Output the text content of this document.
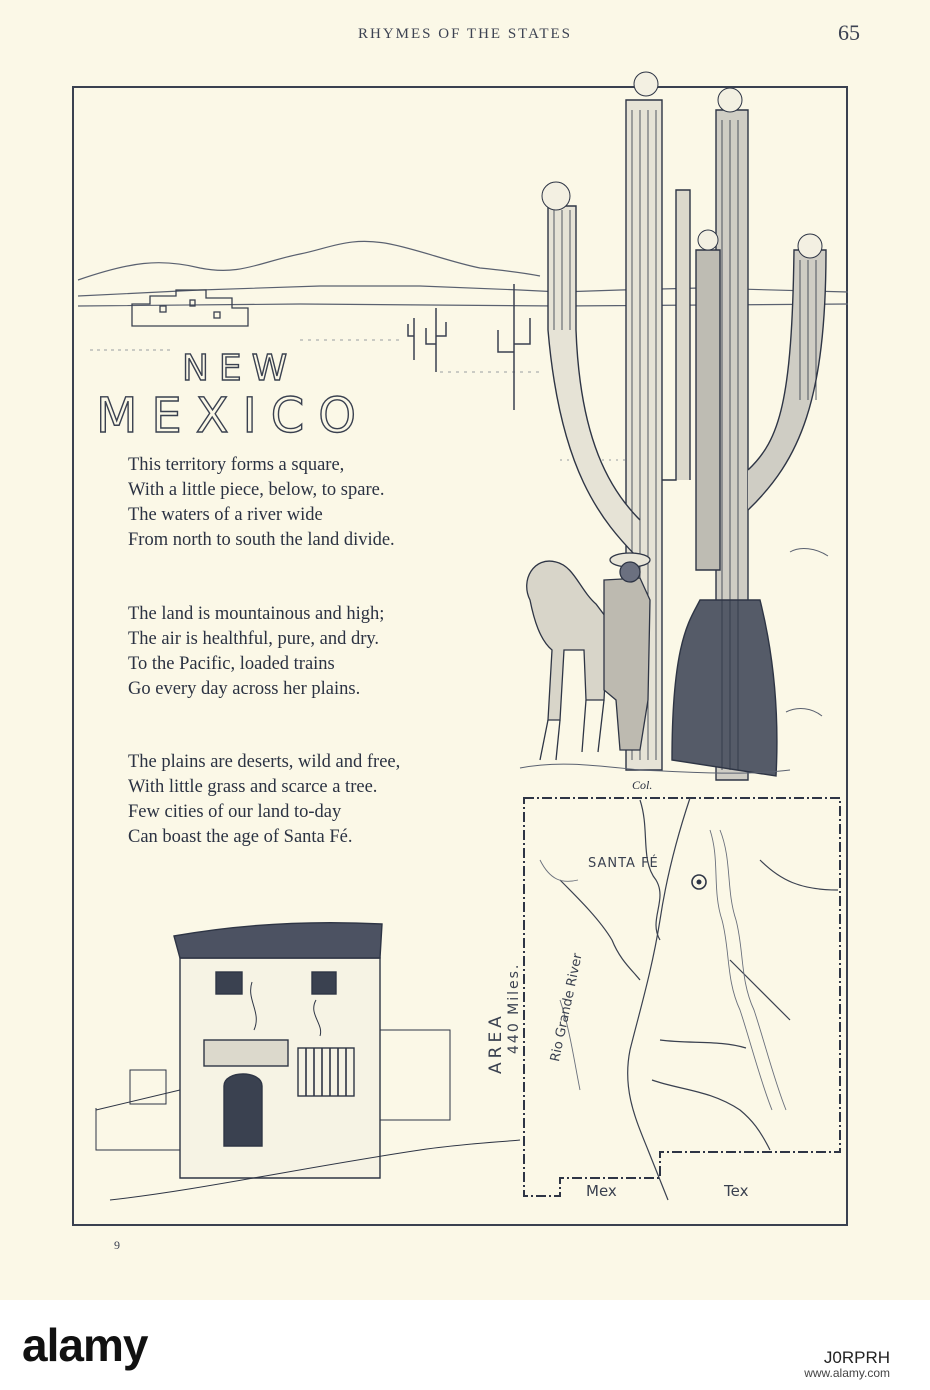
RHYMES OF THE STATES	65
NEW
MEXICO
This territory forms a square,
With a little piece, below, to spare.
The waters of a river wide
From north to south the land divide.
The land is mountainous and high;
The air is healthful, pure, and dry.
To the Pacific, loaded trains
Go every day across her plains.
The plains are deserts, wild and free,
With little grass and scarce a tree.
Few cities of our land to-day
Can boast the age of Santa Fé.
Col.
SANTA FÉ
Rio Grande River
AREA 440 Miles.
Mex	Tex
9
alamy	J0RPRH
www.alamy.com
